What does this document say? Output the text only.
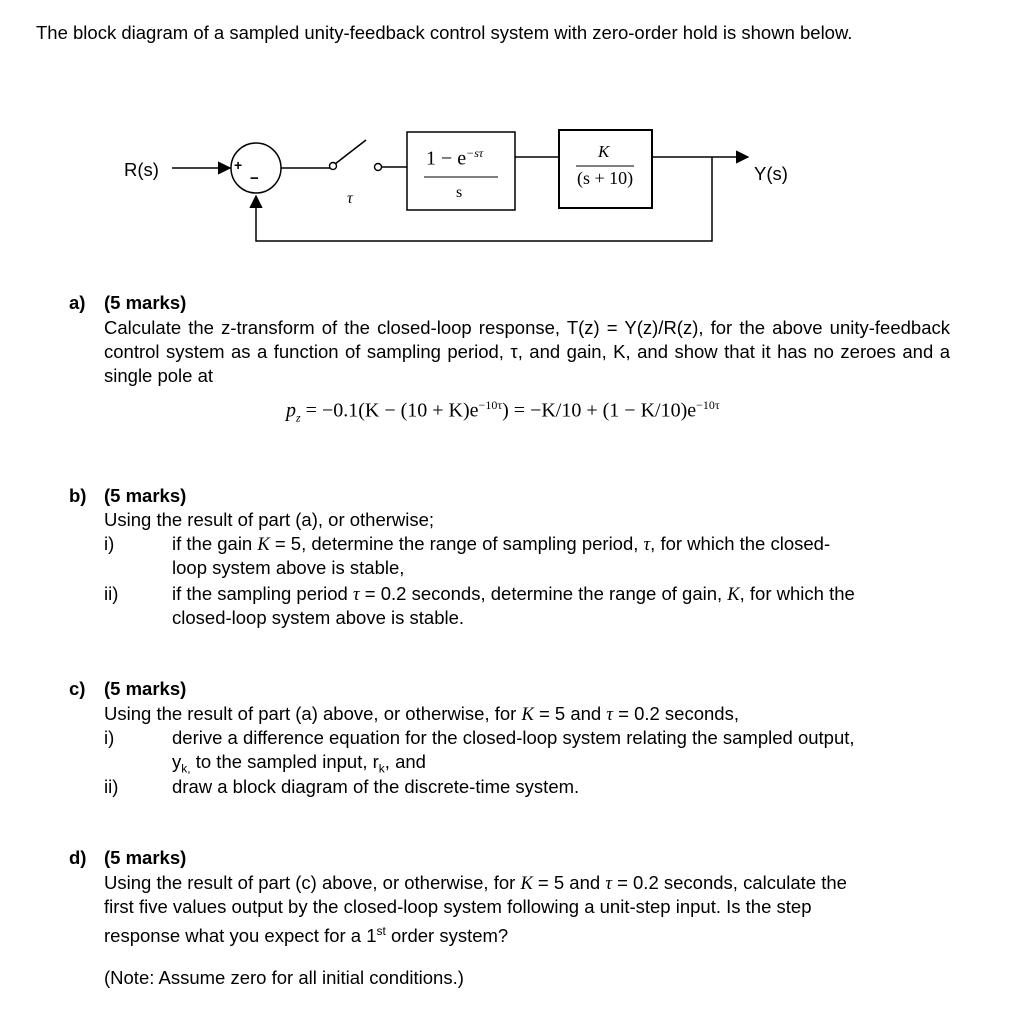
The block diagram of a sampled unity-feedback control system with zero-order hold is shown below.
R(s)	Y(s)
+
−
τ
$1 - e^{-s\tau}$
s
K
(s + 10)
a) (5 marks)
Calculate the z-transform of the closed-loop response, T(z) = Y(z)/R(z), for the above unity-feedback control system as a function of sampling period, τ, and gain, K, and show that it has no zeroes and a single pole at
$p_z = -0.1(K - (10 + K)e^{-10\tau}) = -K/10 + (1 - K/10)e^{-10\tau}$
b) (5 marks)
Using the result of part (a), or otherwise;
i)	if the gain K = 5, determine the range of sampling period, τ, for which the closed-
loop system above is stable,
ii)	if the sampling period τ = 0.2 seconds, determine the range of gain, K, for which the
closed-loop system above is stable.
c) (5 marks)
Using the result of part (a) above, or otherwise, for K = 5 and τ = 0.2 seconds,
i)	derive a difference equation for the closed-loop system relating the sampled output,
$y_{k,}$ to the sampled input, $r_k$, and
ii)	draw a block diagram of the discrete-time system.
d) (5 marks)
Using the result of part (c) above, or otherwise, for K = 5 and τ = 0.2 seconds, calculate the
first five values output by the closed-loop system following a unit-step input. Is the step
response what you expect for a 1st order system?
(Note: Assume zero for all initial conditions.)
